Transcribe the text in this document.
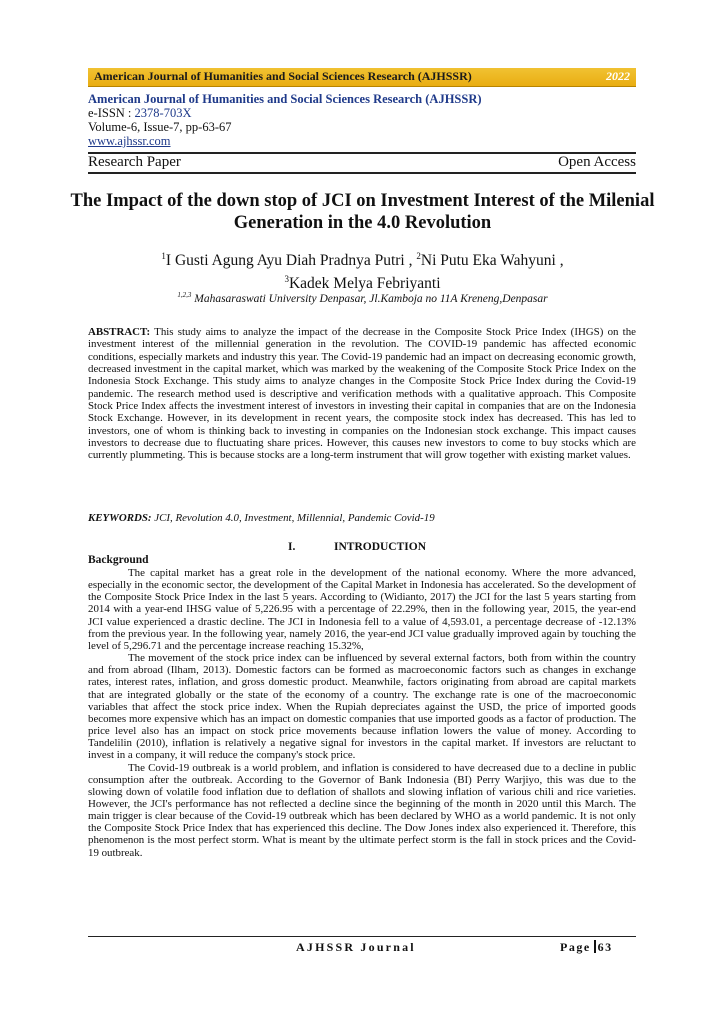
American Journal of Humanities and Social Sciences Research (AJHSSR)	2022
American Journal of Humanities and Social Sciences Research (AJHSSR)
e-ISSN : 2378-703X
Volume-6, Issue-7, pp-63-67
www.ajhssr.com
Research Paper	Open Access
The Impact of the down stop of JCI on Investment Interest of the Milenial Generation in the 4.0 Revolution
$^1$I Gusti Agung Ayu Diah Pradnya Putri , $^2$Ni Putu Eka Wahyuni ,
$^3$Kadek Melya Febriyanti
$^{1,2,3}$ Mahasaraswati University Denpasar, Jl.Kamboja no 11A Kreneng,Denpasar
ABSTRACT: This study aims to analyze the impact of the decrease in the Composite Stock Price Index (IHGS) on the investment interest of the millennial generation in the revolution. The COVID-19 pandemic has affected economic conditions, especially markets and industry this year. The Covid-19 pandemic had an impact on decreasing economic growth, decreased investment in the capital market, which was marked by the weakening of the Composite Stock Price Index on the Indonesia Stock Exchange. This study aims to analyze changes in the Composite Stock Price Index during the Covid-19 pandemic. The research method used is descriptive and verification methods with a qualitative approach. This Composite Stock Price Index affects the investment interest of investors in investing their capital in companies that are on the Indonesia Stock Exchange. However, in its development in recent years, the composite stock index has decreased. This has led to investors, one of whom is thinking back to investing in companies on the Indonesian stock exchange. This impact causes investors to decrease due to fluctuating share prices. However, this causes new investors to come to buy stocks which are currently plummeting. This is because stocks are a long-term instrument that will grow together with existing market values.
KEYWORDS: JCI, Revolution 4.0, Investment, Millennial, Pandemic Covid-19
I.	INTRODUCTION
Background

The capital market has a great role in the development of the national economy. Where the more advanced, especially in the economic sector, the development of the Capital Market in Indonesia has accelerated. So the development of the Composite Stock Price Index in the last 5 years. According to (Widianto, 2017) the JCI for the last 5 years starting from 2014 with a year-end IHSG value of 5,226.95 with a percentage of 22.29%, then in the following year, 2015, the year-end JCI value experienced a drastic decline. The JCI in Indonesia fell to a value of 4,593.01, a percentage decrease of -12.13% from the previous year. In the following year, namely 2016, the year-end JCI value gradually improved again by touching the level of 5,296.71 and the percentage increase reaching 15.32%,

The movement of the stock price index can be influenced by several external factors, both from within the country and from abroad (Ilham, 2013). Domestic factors can be formed as macroeconomic factors such as changes in exchange rates, interest rates, inflation, and gross domestic product. Meanwhile, factors originating from abroad are capital markets that are integrated globally or the state of the economy of a country. The exchange rate is one of the macroeconomic variables that affect the stock price index. When the Rupiah depreciates against the USD, the price of imported goods becomes more expensive which has an impact on domestic companies that use imported goods as a factor of production. The price level also has an impact on stock price movements because inflation lowers the value of money. According to Tandelilin (2010), inflation is relatively a negative signal for investors in the capital market. If investors are reluctant to invest in a company, it will reduce the company's stock price.

The Covid-19 outbreak is a world problem, and inflation is considered to have decreased due to a decline in public consumption after the outbreak. According to the Governor of Bank Indonesia (BI) Perry Warjiyo, this was due to the slowing down of volatile food inflation due to deflation of shallots and slowing inflation of various chili and rice varieties. However, the JCI's performance has not reflected a decline since the beginning of the month in 2020 until this March. The main trigger is clear because of the Covid-19 outbreak which has been declared by WHO as a world pandemic. It is not only the Composite Stock Price Index that has experienced this decline. The Dow Jones index also experienced it. Therefore, this phenomenon is the most perfect storm. What is meant by the ultimate perfect storm is the fall in stock prices and the Covid-19 outbreak.

AJHSSR Journal	Page 63
